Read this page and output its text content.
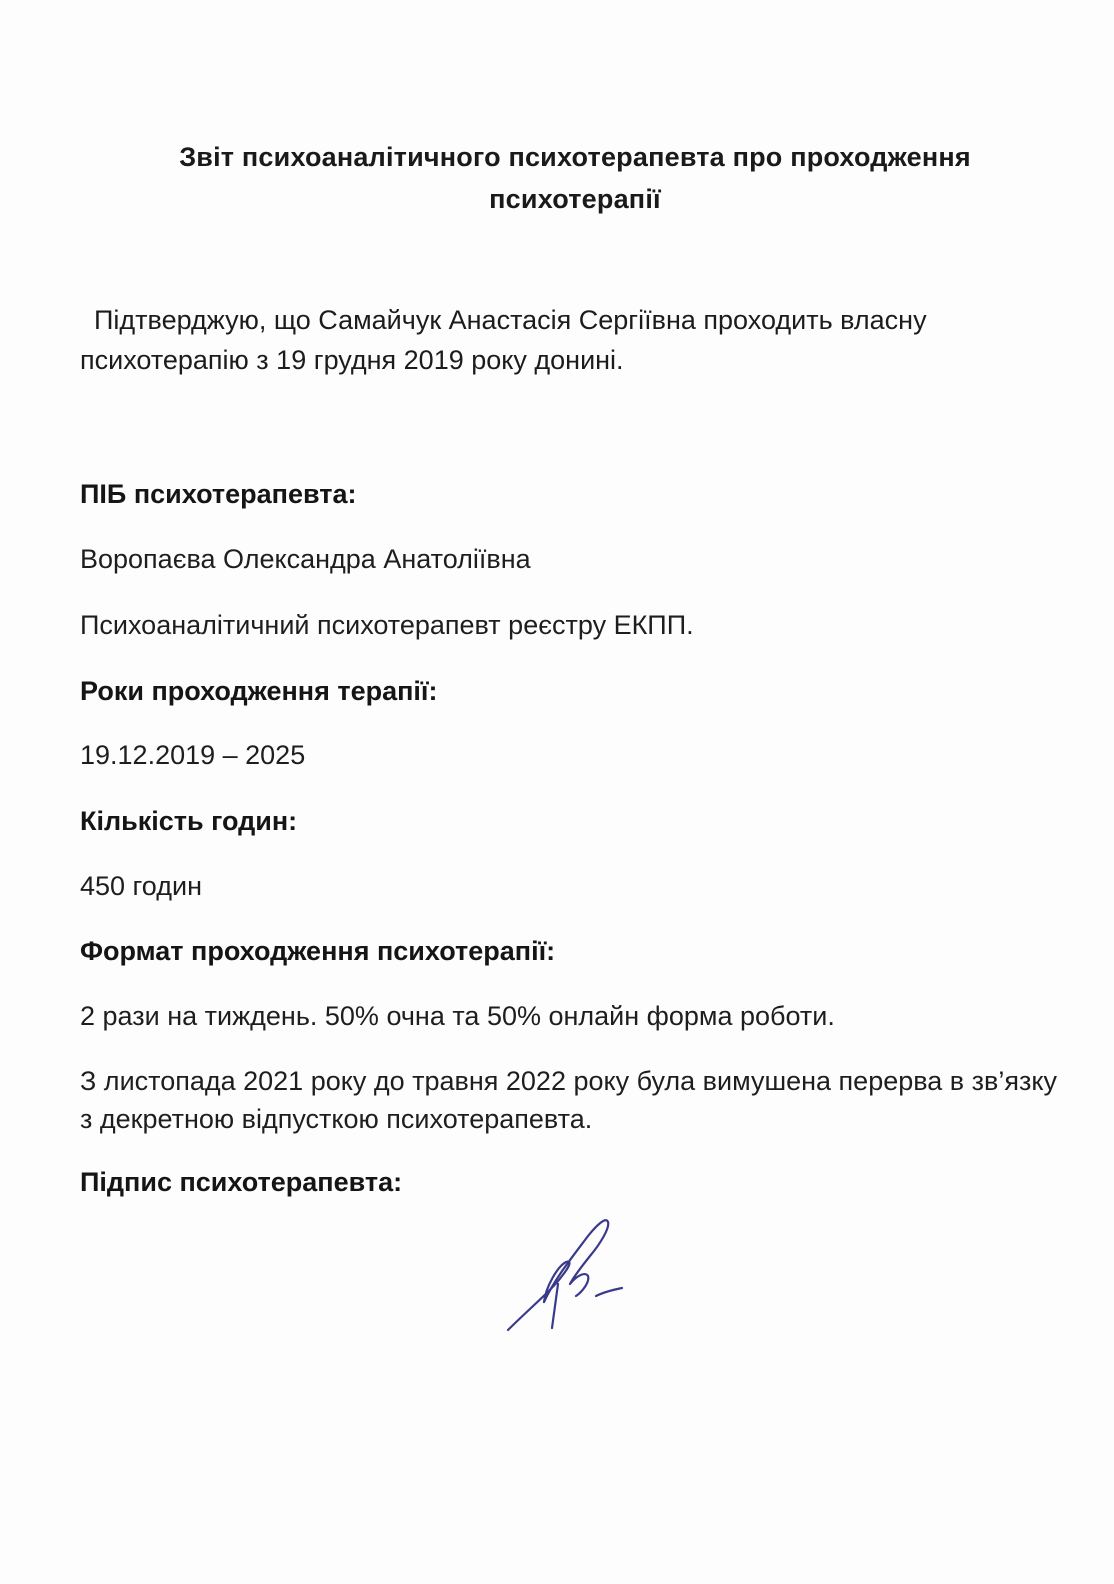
Звіт психоаналітичного психотерапевта про проходження психотерапії
Підтверджую, що Самайчук Анастасія Сергіївна проходить власну психотерапію з 19 грудня 2019 року донині.
ПІБ психотерапевта:
Воропаєва Олександра Анатоліївна
Психоаналітичний психотерапевт реєстру ЕКПП.
Роки проходження терапії:
19.12.2019 – 2025
Кількість годин:
450 годин
Формат проходження психотерапії:
2 рази на тиждень. 50% очна та 50% онлайн форма роботи.
З листопада 2021 року до травня 2022 року була вимушена перерва в зв’язку з декретною відпусткою психотерапевта.
Підпис психотерапевта:
